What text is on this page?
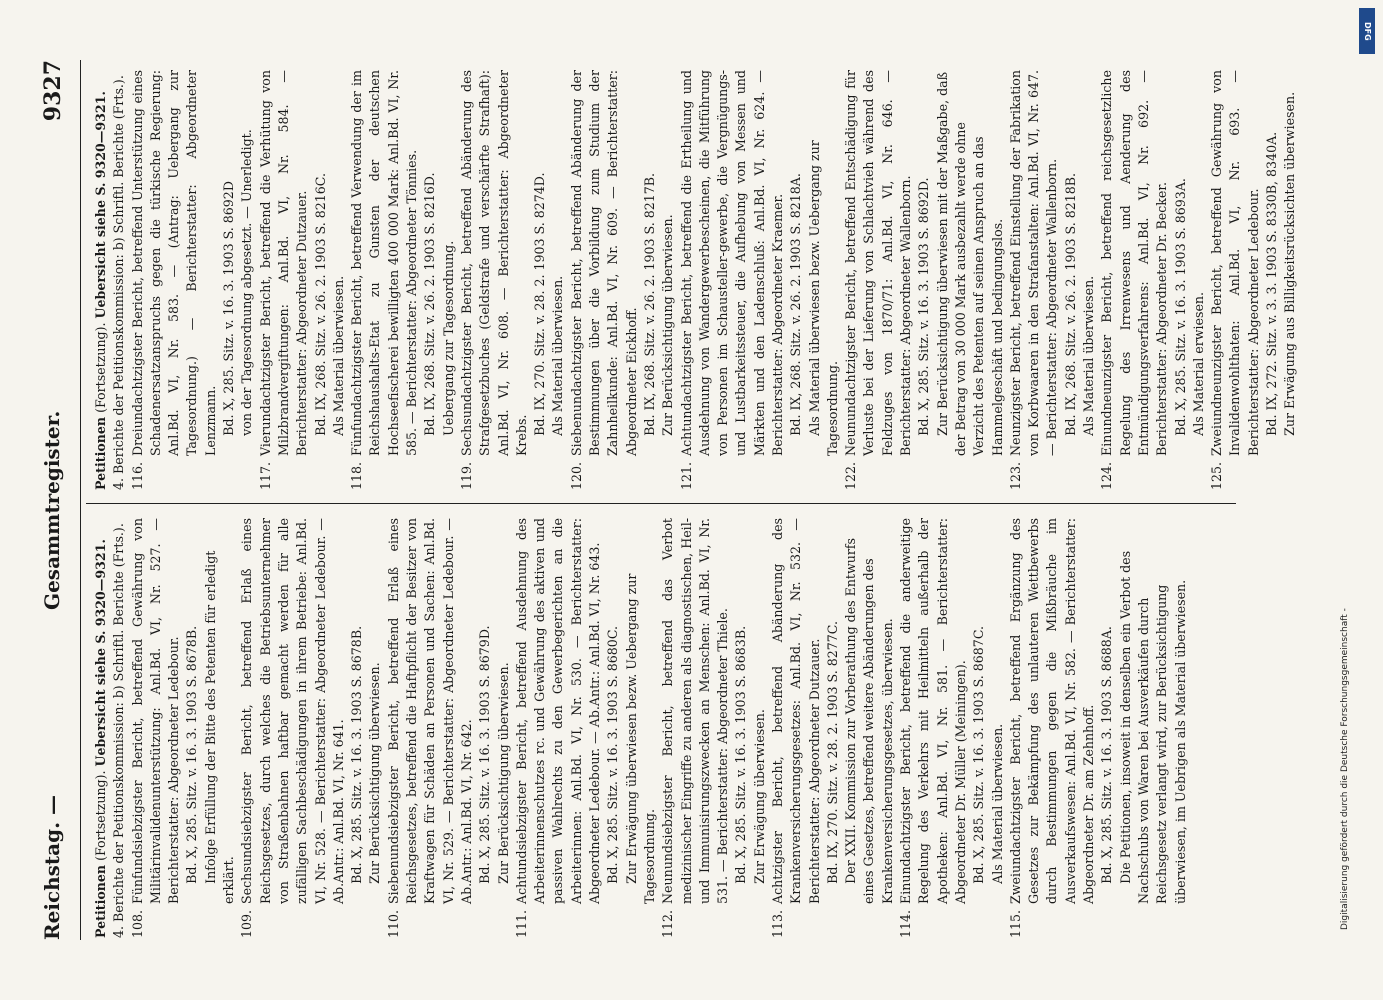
Reichstag. —
Gesammtregister.
9327
Petitionen (Fortsetzung). Uebersicht siehe S. 9320—9321. 4. Berichte der Petitionskommission: b) Schriftl. Berichte (Frts.). 108.
Fünfundsiebzigster Bericht, betreffend Gewährung von Militärinvalidenunterstützung: Anl.Bd. VI, Nr. 527. — Berichterstatter: Abgeordneter Ledebour. Bd. X, 285. Sitz. v. 16. 3. 1903 S. 8678B. Infolge Erfüllung der Bitte des Petenten für erledigt erklärt.
109.
Sechsundsiebzigster Bericht, betreffend Erlaß eines Reichsgesetzes, durch welches die Betriebsunternehmer von Straßenbahnen haftbar gemacht werden für alle zufälligen Sachbeschädigungen in ihrem Betriebe: Anl.Bd. VI, Nr. 528. — Berichterstatter: Abgeordneter Ledebour. — Ab.Antr.: Anl.Bd. VI, Nr. 641. Bd. X, 285. Sitz. v. 16. 3. 1903 S. 8678B. Zur Berücksichtigung überwiesen.
110.
Siebenundsiebzigster Bericht, betreffend Erlaß eines Reichsgesetzes, betreffend die Haftpflicht der Besitzer von Kraftwagen für Schäden an Personen und Sachen: Anl.Bd. VI, Nr. 529. — Berichterstatter: Abgeordneter Ledebour. — Ab.Antr.: Anl.Bd. VI, Nr. 642. Bd. X, 285. Sitz. v. 16. 3. 1903 S. 8679D. Zur Berücksichtigung überwiesen.
111.
Achtundsiebzigster Bericht, betreffend Ausdehnung des Arbeiterinnenschutzes rc. und Gewährung des aktiven und passiven Wahlrechts zu den Gewerbegerichten an die Arbeiterinnen: Anl.Bd. VI, Nr. 530. — Berichterstatter: Abgeordneter Ledebour. — Ab.Antr.: Anl.Bd. VI, Nr. 643. Bd. X, 285. Sitz. v. 16. 3. 1903 S. 8680C. Zur Erwägung überwiesen bezw. Uebergang zur Tagesordnung.
112.
Neunundsiebzigster Bericht, betreffend das Verbot medizinischer Eingriffe zu anderen als diagnostischen, Heil- und Immunisirungszwecken an Menschen: Anl.Bd. VI, Nr. 531. — Berichterstatter: Abgeordneter Thiele. Bd. X, 285. Sitz. v. 16. 3. 1903 S. 8683B. Zur Erwägung überwiesen.
113.
Achtzigster Bericht, betreffend Abänderung des Krankenversicherungsgesetzes: Anl.Bd. VI, Nr. 532. — Berichterstatter: Abgeordneter Dutzauer. Bd. IX, 270. Sitz. v. 28. 2. 1903 S. 8277C. Der XXII. Kommission zur Vorberathung des Entwurfs eines Gesetzes, betreffend weitere Abänderungen des Krankenversicherungsgesetzes, überwiesen.
114.
Einundachtzigster Bericht, betreffend die anderweitige Regelung des Verkehrs mit Heilmitteln außerhalb der Apotheken: Anl.Bd. VI, Nr. 581. — Berichterstatter: Abgeordneter Dr. Müller (Meiningen). Bd. X, 285. Sitz. v. 16. 3. 1903 S. 8687C. Als Material überwiesen.
115.
Zweiundachtzigster Bericht, betreffend Ergänzung des Gesetzes zur Bekämpfung des unlauteren Wettbewerbs durch Bestimmungen gegen die Mißbräuche im Ausverkaufswesen: Anl.Bd. VI, Nr. 582. — Berichterstatter: Abgeordneter Dr. am Zehnhoff. Bd. X, 285. Sitz. v. 16. 3. 1903 S. 8688A. Die Petitionen, insoweit in denselben ein Verbot des Nachschubs von Waren bei Ausverkäufen durch Reichsgesetz verlangt wird, zur Berücksichtigung überwiesen, im Uebrigen als Material überwiesen.
Petitionen (Fortsetzung). Uebersicht siehe S. 9320—9321. 4. Berichte der Petitionskommission: b) Schriftl. Berichte (Frts.). 116.
Dreiundachtzigster Bericht, betreffend Unterstützung eines Schadenersatzanspruchs gegen die türkische Regierung: Anl.Bd. VI, Nr. 583. — (Antrag: Uebergang zur Tagesordnung.) — Berichterstatter: Abgeordneter Lenzmann. Bd. X, 285. Sitz. v. 16. 3. 1903 S. 8692D von der Tagesordnung abgesetzt. — Unerledigt.
117.
Vierundachtzigster Bericht, betreffend die Verhütung von Milzbrandvergiftungen: Anl.Bd. VI, Nr. 584. — Berichterstatter: Abgeordneter Dutzauer. Bd. IX, 268. Sitz. v. 26. 2. 1903 S. 8216C. Als Material überwiesen.
118.
Fünfundachtzigster Bericht, betreffend Verwendung der im Reichshaushalts-Etat zu Gunsten der deutschen Hochseefischerei bewilligten 400 000 Mark: Anl.Bd. VI, Nr. 585. — Berichterstatter: Abgeordneter Tönnies. Bd. IX, 268. Sitz. v. 26. 2. 1903 S. 8216D. Uebergang zur Tagesordnung.
119.
Sechsundachtzigster Bericht, betreffend Abänderung des Strafgesetzbuches (Geldstrafe und verschärfte Strafhaft): Anl.Bd. VI, Nr. 608. — Berichterstatter: Abgeordneter Krebs. Bd. IX, 270. Sitz. v. 28. 2. 1903 S. 8274D. Als Material überwiesen.
120.
Siebenundachtzigster Bericht, betreffend Abänderung der Bestimmungen über die Vorbildung zum Studium der Zahnheilkunde: Anl.Bd. VI, Nr. 609. — Berichterstatter: Abgeordneter Eickhoff. Bd. IX, 268. Sitz. v. 26. 2. 1903 S. 8217B. Zur Berücksichtigung überwiesen.
121.
Achtundachtzigster Bericht, betreffend die Ertheilung und Ausdehnung von Wandergewerbescheinen, die Mitführung von Personen im Schausteller-gewerbe, die Vergnügungs- und Lustbarkeitssteuer, die Aufhebung von Messen und Märkten und den Ladenschluß: Anl.Bd. VI, Nr. 624. — Berichterstatter: Abgeordneter Kraemer. Bd. IX, 268. Sitz. v. 26. 2. 1903 S. 8218A. Als Material überwiesen bezw. Uebergang zur Tagesordnung.
122.
Neunundachtzigster Bericht, betreffend Entschädigung für Verluste bei der Lieferung von Schlachtvieh während des Feldzuges von 1870/71: Anl.Bd. VI, Nr. 646. — Berichterstatter: Abgeordneter Wallenborn. Bd. X, 285. Sitz. v. 16. 3. 1903 S. 8692D. Zur Berücksichtigung überwiesen mit der Maßgabe, daß der Betrag von 30 000 Mark ausbezahlt werde ohne Verzicht des Petenten auf seinen Anspruch an das Hammelgeschäft und bedingungslos.
123.
Neunzigster Bericht, betreffend Einstellung der Fabrikation von Korbwaaren in den Strafanstalten: Anl.Bd. VI, Nr. 647. — Berichterstatter: Abgeordneter Wallenborn. Bd. IX, 268. Sitz. v. 26. 2. 1903 S. 8218B. Als Material überwiesen.
124.
Einundneunzigster Bericht, betreffend reichsgesetzliche Regelung des Irrenwesens und Aenderung des Entmündigungsverfahrens: Anl.Bd. VI, Nr. 692. — Berichterstatter: Abgeordneter Dr. Becker. Bd. X, 285. Sitz. v. 16. 3. 1903 S. 8693A. Als Material erwiesen.
125.
Zweiundneunzigster Bericht, betreffend Gewährung von Invalidenwohlthaten: Anl.Bd. VI, Nr. 693. — Berichterstatter: Abgeordneter Ledebour. Bd. IX, 272. Sitz. v. 3. 3. 1903 S. 8330B, 8340A. Zur Erwägung aus Billigkeitsrücksichten überwiesen.
Digitalisierung gefördert durch die Deutsche Forschungsgemeinschaft -
DFG
